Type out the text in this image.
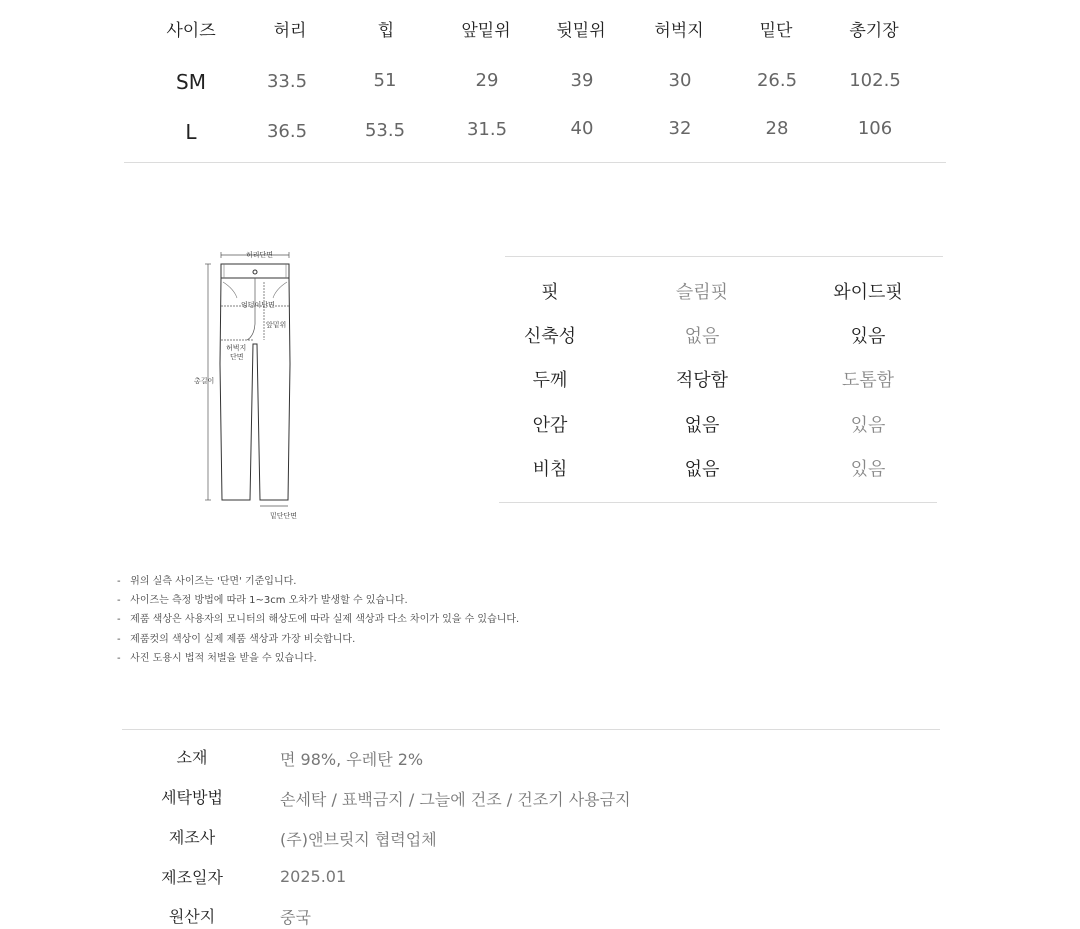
사이즈	허리	힙	앞밑위	뒷밑위	허벅지	밑단	총기장
SM	33.5	51	29	39	30	26.5	102.5
L	36.5	53.5	31.5	40	32	28	106
허리단면
엉덩이단면
앞밑위
허벅지
단면
총길이
밑단단면
핏	슬림핏	와이드핏
신축성	없음	있음
두께	적당함	도톰함
안감	없음	있음
비침	없음	있음
- 위의 실측 사이즈는 '단면' 기준입니다.
- 사이즈는 측정 방법에 따라 1~3cm 오차가 발생할 수 있습니다.
- 제품 색상은 사용자의 모니터의 해상도에 따라 실제 색상과 다소 차이가 있을 수 있습니다.
- 제품컷의 색상이 실제 제품 색상과 가장 비슷합니다.
- 사진 도용시 법적 처벌을 받을 수 있습니다.
소재	면 98%, 우레탄 2%
세탁방법	손세탁 / 표백금지 / 그늘에 건조 / 건조기 사용금지
제조사	(주)앤브릿지 협력업체
제조일자	2025.01
원산지	중국
